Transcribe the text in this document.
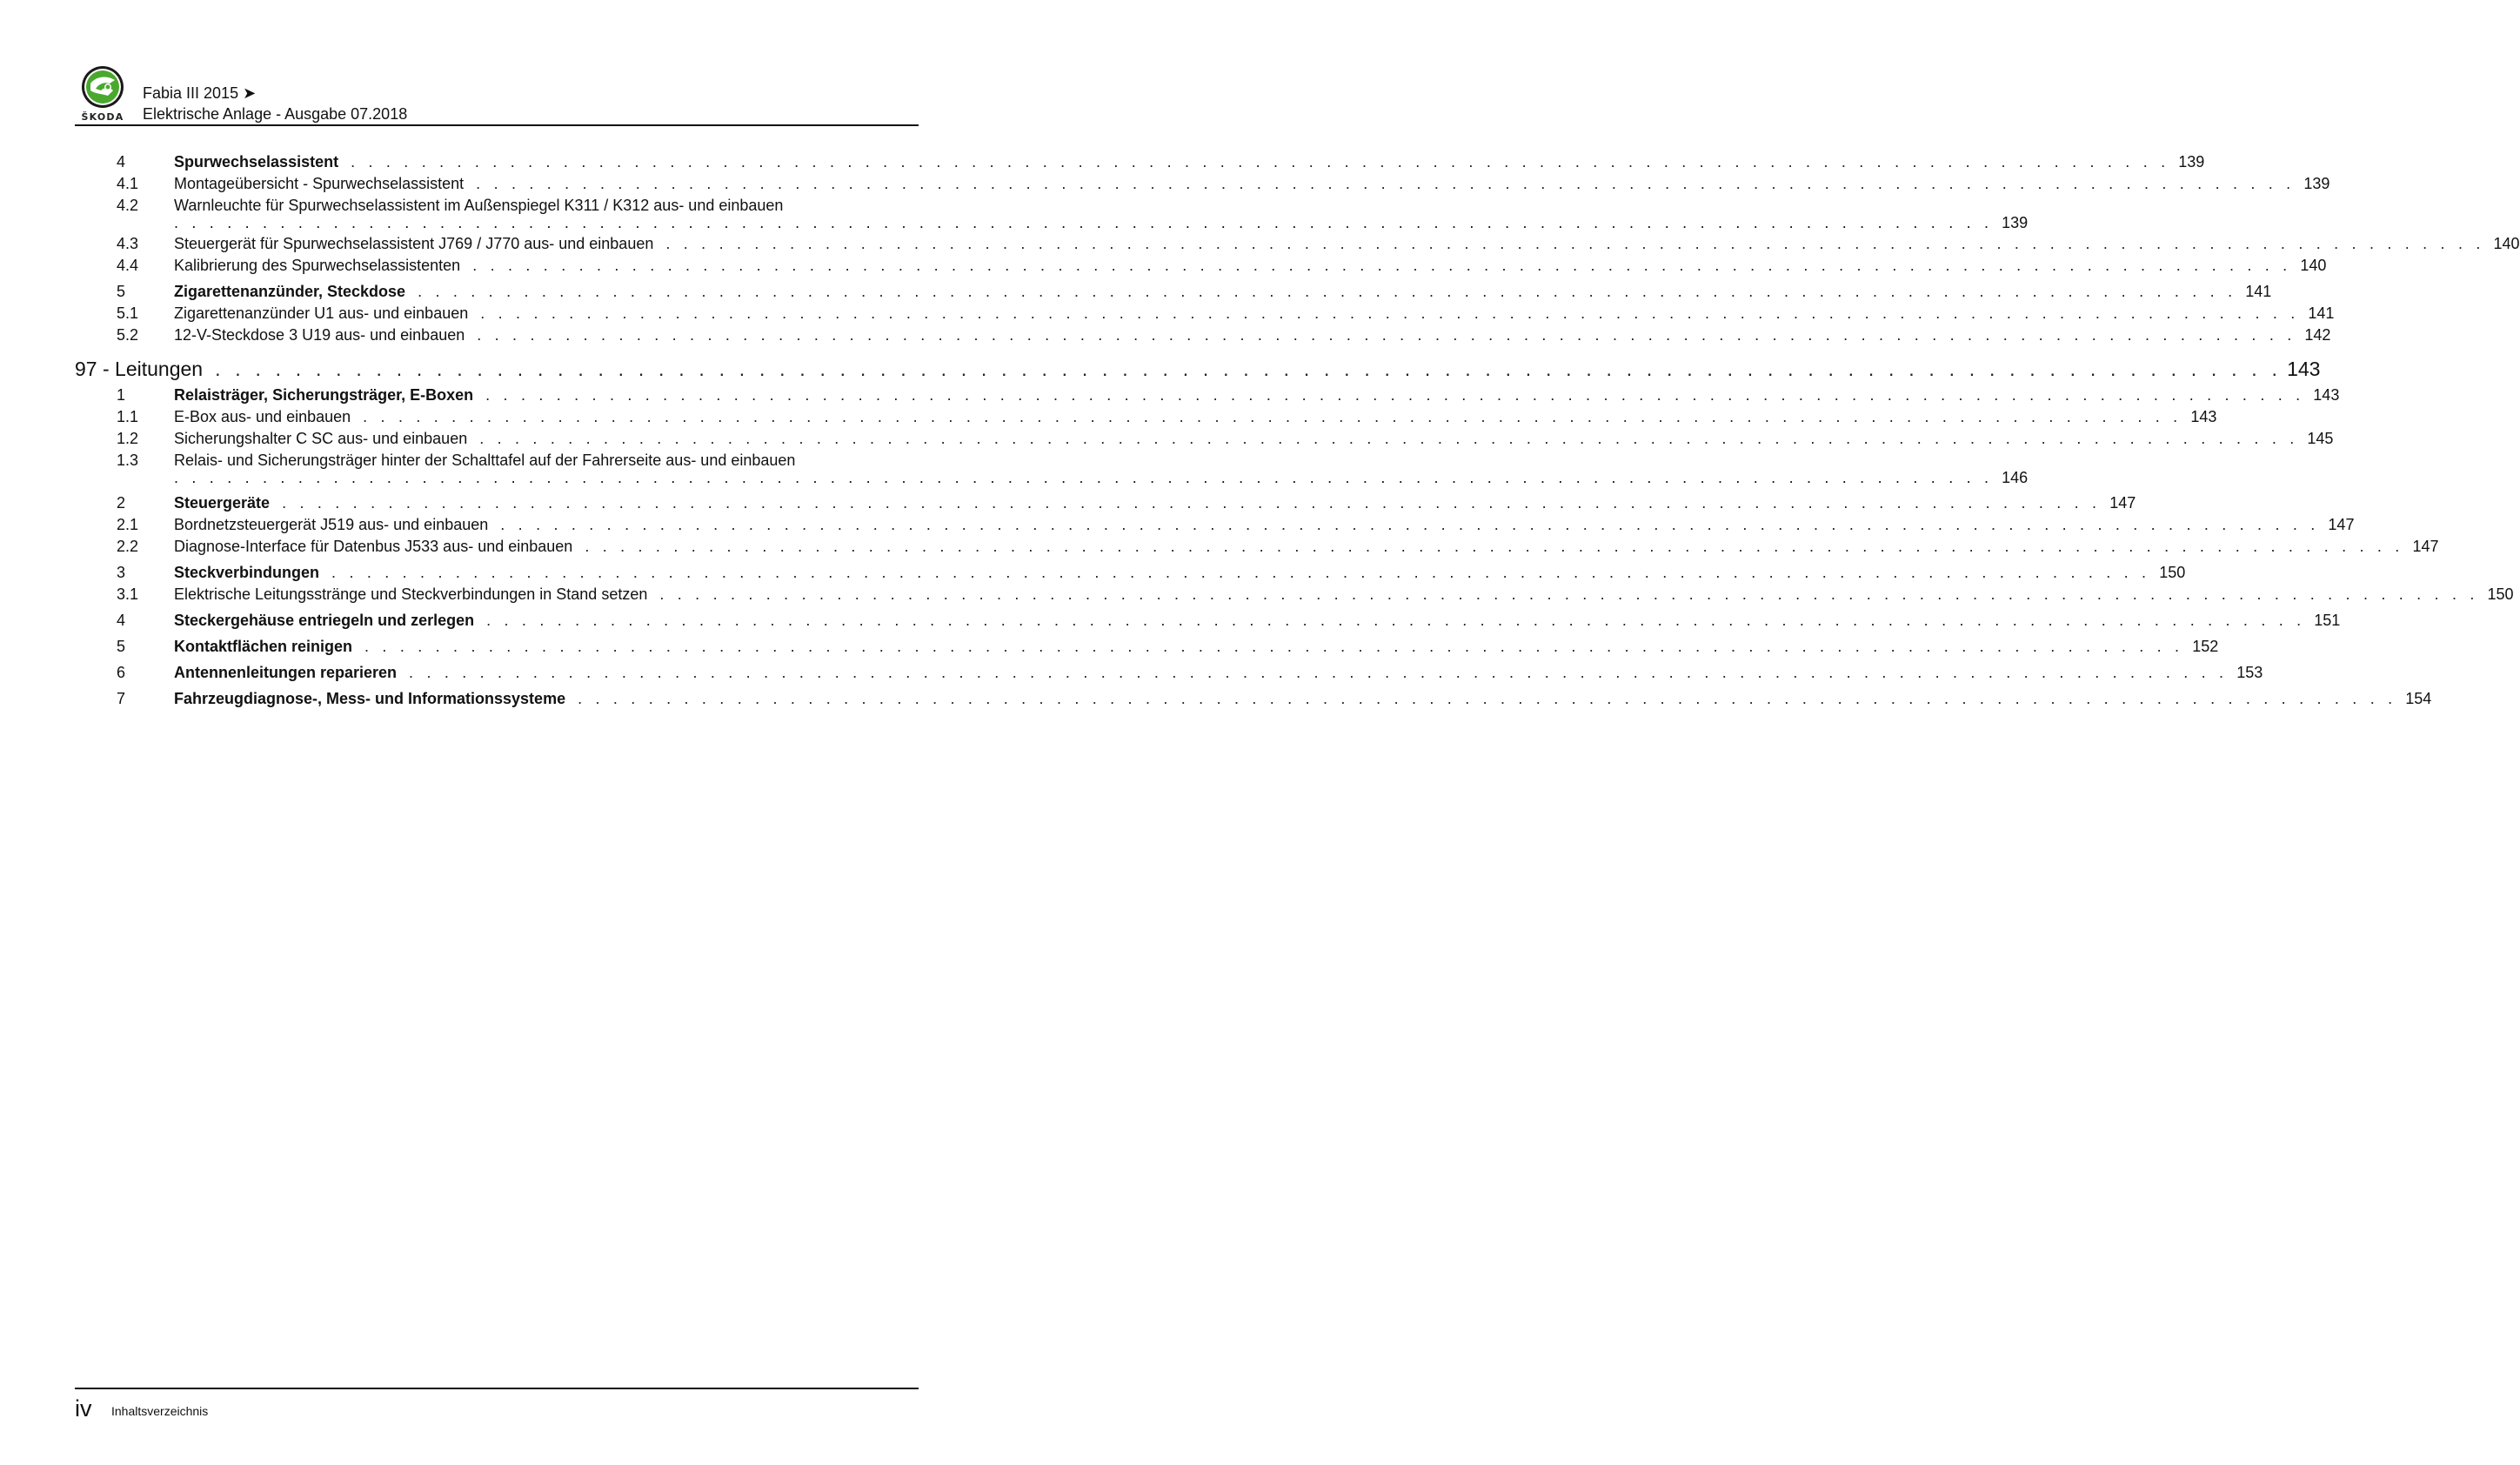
ŠKODA
Fabia III 2015 ➤
Elektrische Anlage - Ausgabe 07.2018
4	Spurwechselassistent . . . . . . . . . . . . . . . . . . . . . . . . . . . . . . . . . . . . . . . . . . . . . . . . . . . . . . . . . . . . . . . . . . . . . . . . . . . . . . . . . . . . . . . . . . . . . . . . . . . . . . . 139
4.1 Montageübersicht - Spurwechselassistent . . . . . . . . . . . . . . . . . . . . . . . . . . . . . . . . . . . . . . . . . . . . . . . . . . . . . . . . . . . . . . . . . . . . . . . . . . . . . . . . . . . . . . . . . . . . . . . . . . . . . . . 139
4.2 Warnleuchte für Spurwechselassistent im Außenspiegel K311 / K312 aus- und einbauen
. . . . . . . . . . . . . . . . . . . . . . . . . . . . . . . . . . . . . . . . . . . . . . . . . . . . . . . . . . . . . . . . . . . . . . . . . . . . . . . . . . . . . . . . . . . . . . . . . . . . . . . 139
4.3 Steuergerät für Spurwechselassistent J769 / J770 aus- und einbauen . . . . . . . . . . . . . . . . . . . . . . . . . . . . . . . . . . . . . . . . . . . . . . . . . . . . . . . . . . . . . . . . . . . . . . . . . . . . . . . . . . . . . . . . . . . . . . . . . . . . . . . 140
4.4 Kalibrierung des Spurwechselassistenten . . . . . . . . . . . . . . . . . . . . . . . . . . . . . . . . . . . . . . . . . . . . . . . . . . . . . . . . . . . . . . . . . . . . . . . . . . . . . . . . . . . . . . . . . . . . . . . . . . . . . . . 140
5	Zigarettenanzünder, Steckdose . . . . . . . . . . . . . . . . . . . . . . . . . . . . . . . . . . . . . . . . . . . . . . . . . . . . . . . . . . . . . . . . . . . . . . . . . . . . . . . . . . . . . . . . . . . . . . . . . . . . . . . 141
5.1 Zigarettenanzünder U1 aus- und einbauen . . . . . . . . . . . . . . . . . . . . . . . . . . . . . . . . . . . . . . . . . . . . . . . . . . . . . . . . . . . . . . . . . . . . . . . . . . . . . . . . . . . . . . . . . . . . . . . . . . . . . . . 141
5.2 12-V-Steckdose 3 U19 aus- und einbauen . . . . . . . . . . . . . . . . . . . . . . . . . . . . . . . . . . . . . . . . . . . . . . . . . . . . . . . . . . . . . . . . . . . . . . . . . . . . . . . . . . . . . . . . . . . . . . . . . . . . . . . 142
97 - Leitungen . . . . . . . . . . . . . . . . . . . . . . . . . . . . . . . . . . . . . . . . . . . . . . . . . . . . . . . . . . . . . . . . . . . . . . . . . . . . . . . . . . . . . . . . . . . . . . . . . . . . . . . 143
1	Relaisträger, Sicherungsträger, E-Boxen . . . . . . . . . . . . . . . . . . . . . . . . . . . . . . . . . . . . . . . . . . . . . . . . . . . . . . . . . . . . . . . . . . . . . . . . . . . . . . . . . . . . . . . . . . . . . . . . . . . . . . . 143
1.1 E-Box aus- und einbauen . . . . . . . . . . . . . . . . . . . . . . . . . . . . . . . . . . . . . . . . . . . . . . . . . . . . . . . . . . . . . . . . . . . . . . . . . . . . . . . . . . . . . . . . . . . . . . . . . . . . . . . 143
1.2 Sicherungshalter C SC aus- und einbauen . . . . . . . . . . . . . . . . . . . . . . . . . . . . . . . . . . . . . . . . . . . . . . . . . . . . . . . . . . . . . . . . . . . . . . . . . . . . . . . . . . . . . . . . . . . . . . . . . . . . . . . 145
1.3 Relais- und Sicherungsträger hinter der Schalttafel auf der Fahrerseite aus- und einbauen
. . . . . . . . . . . . . . . . . . . . . . . . . . . . . . . . . . . . . . . . . . . . . . . . . . . . . . . . . . . . . . . . . . . . . . . . . . . . . . . . . . . . . . . . . . . . . . . . . . . . . . . 146
2	Steuergeräte . . . . . . . . . . . . . . . . . . . . . . . . . . . . . . . . . . . . . . . . . . . . . . . . . . . . . . . . . . . . . . . . . . . . . . . . . . . . . . . . . . . . . . . . . . . . . . . . . . . . . . . 147
2.1 Bordnetzsteuergerät J519 aus- und einbauen . . . . . . . . . . . . . . . . . . . . . . . . . . . . . . . . . . . . . . . . . . . . . . . . . . . . . . . . . . . . . . . . . . . . . . . . . . . . . . . . . . . . . . . . . . . . . . . . . . . . . . . 147
2.2 Diagnose-Interface für Datenbus J533 aus- und einbauen . . . . . . . . . . . . . . . . . . . . . . . . . . . . . . . . . . . . . . . . . . . . . . . . . . . . . . . . . . . . . . . . . . . . . . . . . . . . . . . . . . . . . . . . . . . . . . . . . . . . . . . 147
3	Steckverbindungen . . . . . . . . . . . . . . . . . . . . . . . . . . . . . . . . . . . . . . . . . . . . . . . . . . . . . . . . . . . . . . . . . . . . . . . . . . . . . . . . . . . . . . . . . . . . . . . . . . . . . . . 150
3.1 Elektrische Leitungsstränge und Steckverbindungen in Stand setzen . . . . . . . . . . . . . . . . . . . . . . . . . . . . . . . . . . . . . . . . . . . . . . . . . . . . . . . . . . . . . . . . . . . . . . . . . . . . . . . . . . . . . . . . . . . . . . . . . . . . . . . 150
4	Steckergehäuse entriegeln und zerlegen . . . . . . . . . . . . . . . . . . . . . . . . . . . . . . . . . . . . . . . . . . . . . . . . . . . . . . . . . . . . . . . . . . . . . . . . . . . . . . . . . . . . . . . . . . . . . . . . . . . . . . . 151
5	Kontaktflächen reinigen . . . . . . . . . . . . . . . . . . . . . . . . . . . . . . . . . . . . . . . . . . . . . . . . . . . . . . . . . . . . . . . . . . . . . . . . . . . . . . . . . . . . . . . . . . . . . . . . . . . . . . . 152
6	Antennenleitungen reparieren . . . . . . . . . . . . . . . . . . . . . . . . . . . . . . . . . . . . . . . . . . . . . . . . . . . . . . . . . . . . . . . . . . . . . . . . . . . . . . . . . . . . . . . . . . . . . . . . . . . . . . . 153
7	Fahrzeugdiagnose-, Mess- und Informationssysteme . . . . . . . . . . . . . . . . . . . . . . . . . . . . . . . . . . . . . . . . . . . . . . . . . . . . . . . . . . . . . . . . . . . . . . . . . . . . . . . . . . . . . . . . . . . . . . . . . . . . . . . 154
iv Inhaltsverzeichnis
